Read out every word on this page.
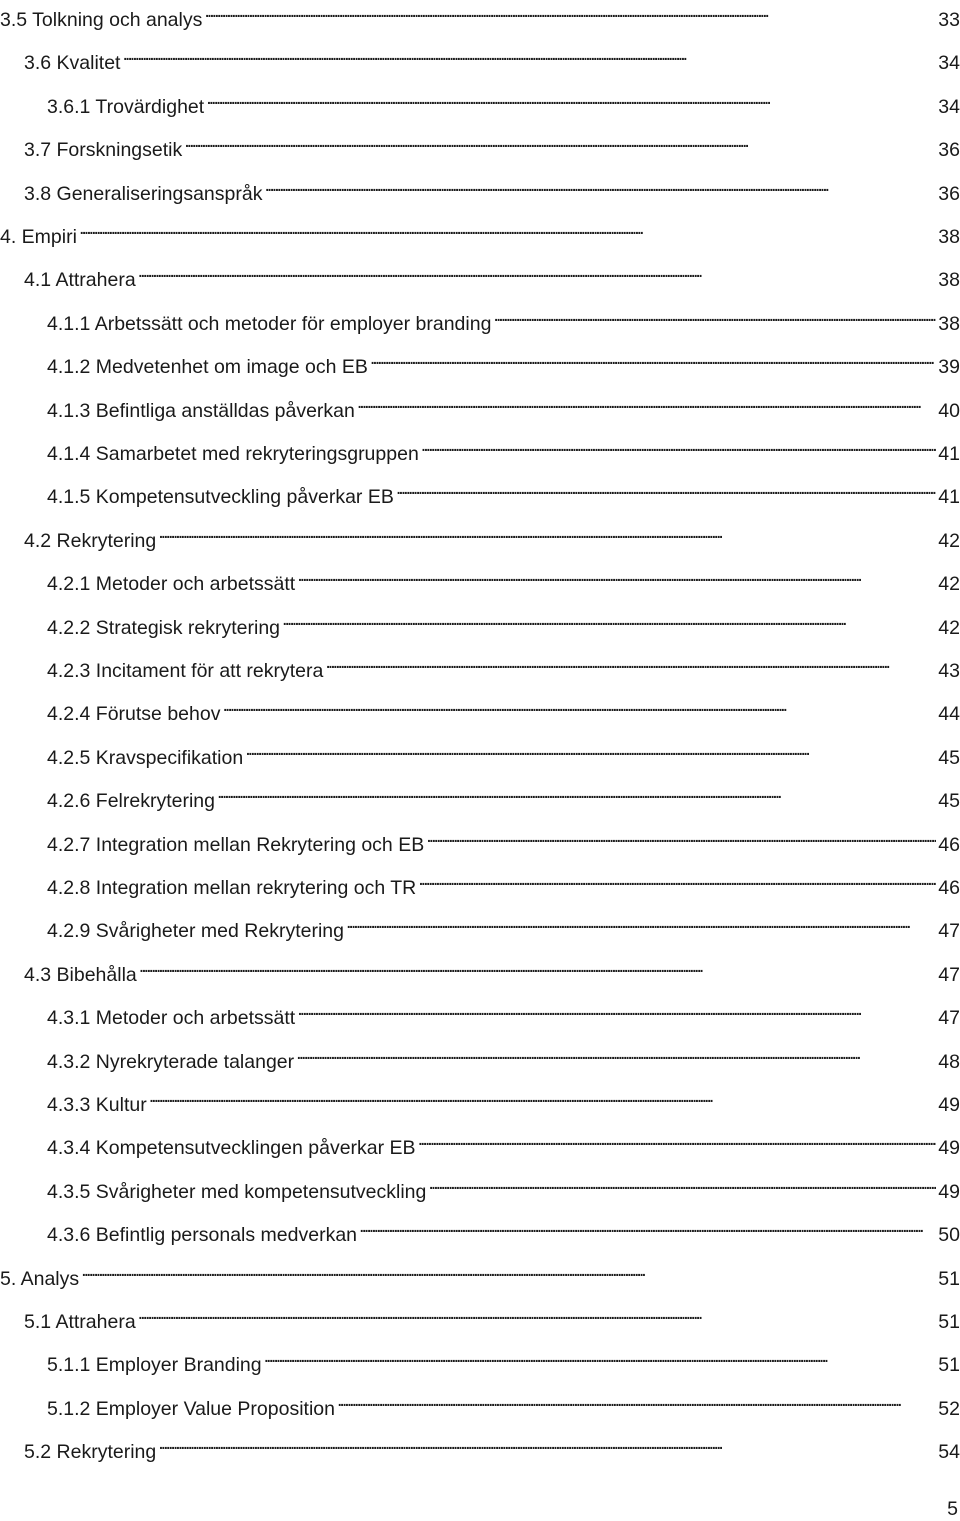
3.5 Tolkning och analys . . .	33
3.6 Kvalitet . . .	34
3.6.1 Trovärdighet . . .	34
3.7 Forskningsetik . . .	36
3.8 Generaliseringsanspråk . . .	36
4. Empiri . . .	38
4.1 Attrahera . . .	38
4.1.1 Arbetssätt och metoder för employer branding . . .	38
4.1.2 Medvetenhet om image och EB . . .	39
4.1.3 Befintliga anställdas påverkan . . .	40
4.1.4 Samarbetet med rekryteringsgruppen . . .	41
4.1.5 Kompetensutveckling påverkar EB . . .	41
4.2 Rekrytering . . .	42
4.2.1 Metoder och arbetssätt . . .	42
4.2.2 Strategisk rekrytering . . .	42
4.2.3 Incitament för att rekrytera . . .	43
4.2.4 Förutse behov . . .	44
4.2.5 Kravspecifikation . . .	45
4.2.6 Felrekrytering . . .	45
4.2.7 Integration mellan Rekrytering och EB . . .	46
4.2.8 Integration mellan rekrytering och TR . . .	46
4.2.9 Svårigheter med Rekrytering . . .	47
4.3 Bibehålla . . .	47
4.3.1 Metoder och arbetssätt . . .	47
4.3.2 Nyrekryterade talanger . . .	48
4.3.3 Kultur . . .	49
4.3.4 Kompetensutvecklingen påverkar EB . . .	49
4.3.5 Svårigheter med kompetensutveckling . . .	49
4.3.6 Befintlig personals medverkan . . .	50
5. Analys . . .	51
5.1 Attrahera . . .	51
5.1.1 Employer Branding . . .	51
5.1.2 Employer Value Proposition . . .	52
5.2 Rekrytering . . .	54
5
